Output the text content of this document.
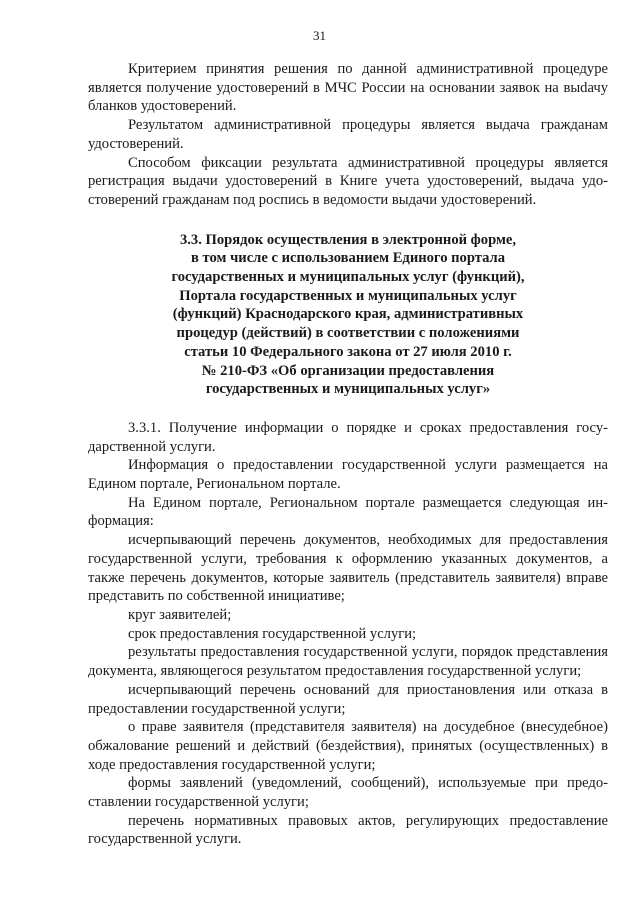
31

Критерием принятия решения по данной административной процедуре является получение удостоверений в МЧС России на основании заявок на выdачу бланков удостоверений.

Результатом административной процедуры является выдача гражданам удостоверений.

Способом фиксации результата административной процедуры является регистрация выдачи удостоверений в Книге учета удостоверений, выдача удостоверений гражданам под роспись в ведомости выдачи удостоверений.

3.3. Порядок осуществления в электронной форме,
в том числе с использованием Единого портала
государственных и муниципальных услуг (функций),
Портала государственных и муниципальных услуг
(функций) Краснодарского края, административных
процедур (действий) в соответствии с положениями
статьи 10 Федерального закона от 27 июля 2010 г.
№ 210-ФЗ «Об организации предоставления
государственных и муниципальных услуг»

3.3.1. Получение информации о порядке и сроках предоставления государственной услуги.

Информация о предоставлении государственной услуги размещается на Едином портале, Региональном портале.

На Едином портале, Региональном портале размещается следующая информация:

исчерпывающий перечень документов, необходимых для предоставления государственной услуги, требования к оформлению указанных документов, а также перечень документов, которые заявитель (представитель заявителя) вправе представить по собственной инициативе;

круг заявителей;

срок предоставления государственной услуги;

результаты предоставления государственной услуги, порядок представления документа, являющегося результатом предоставления государственной услуги;

исчерпывающий перечень оснований для приостановления или отказа в предоставлении государственной услуги;

о праве заявителя (представителя заявителя) на досудебное (внесудебное) обжалование решений и действий (бездействия), принятых (осуществленных) в ходе предоставления государственной услуги;

формы заявлений (уведомлений, сообщений), используемые при предоставлении государственной услуги;

перечень нормативных правовых актов, регулирующих предоставление государственной услуги.
